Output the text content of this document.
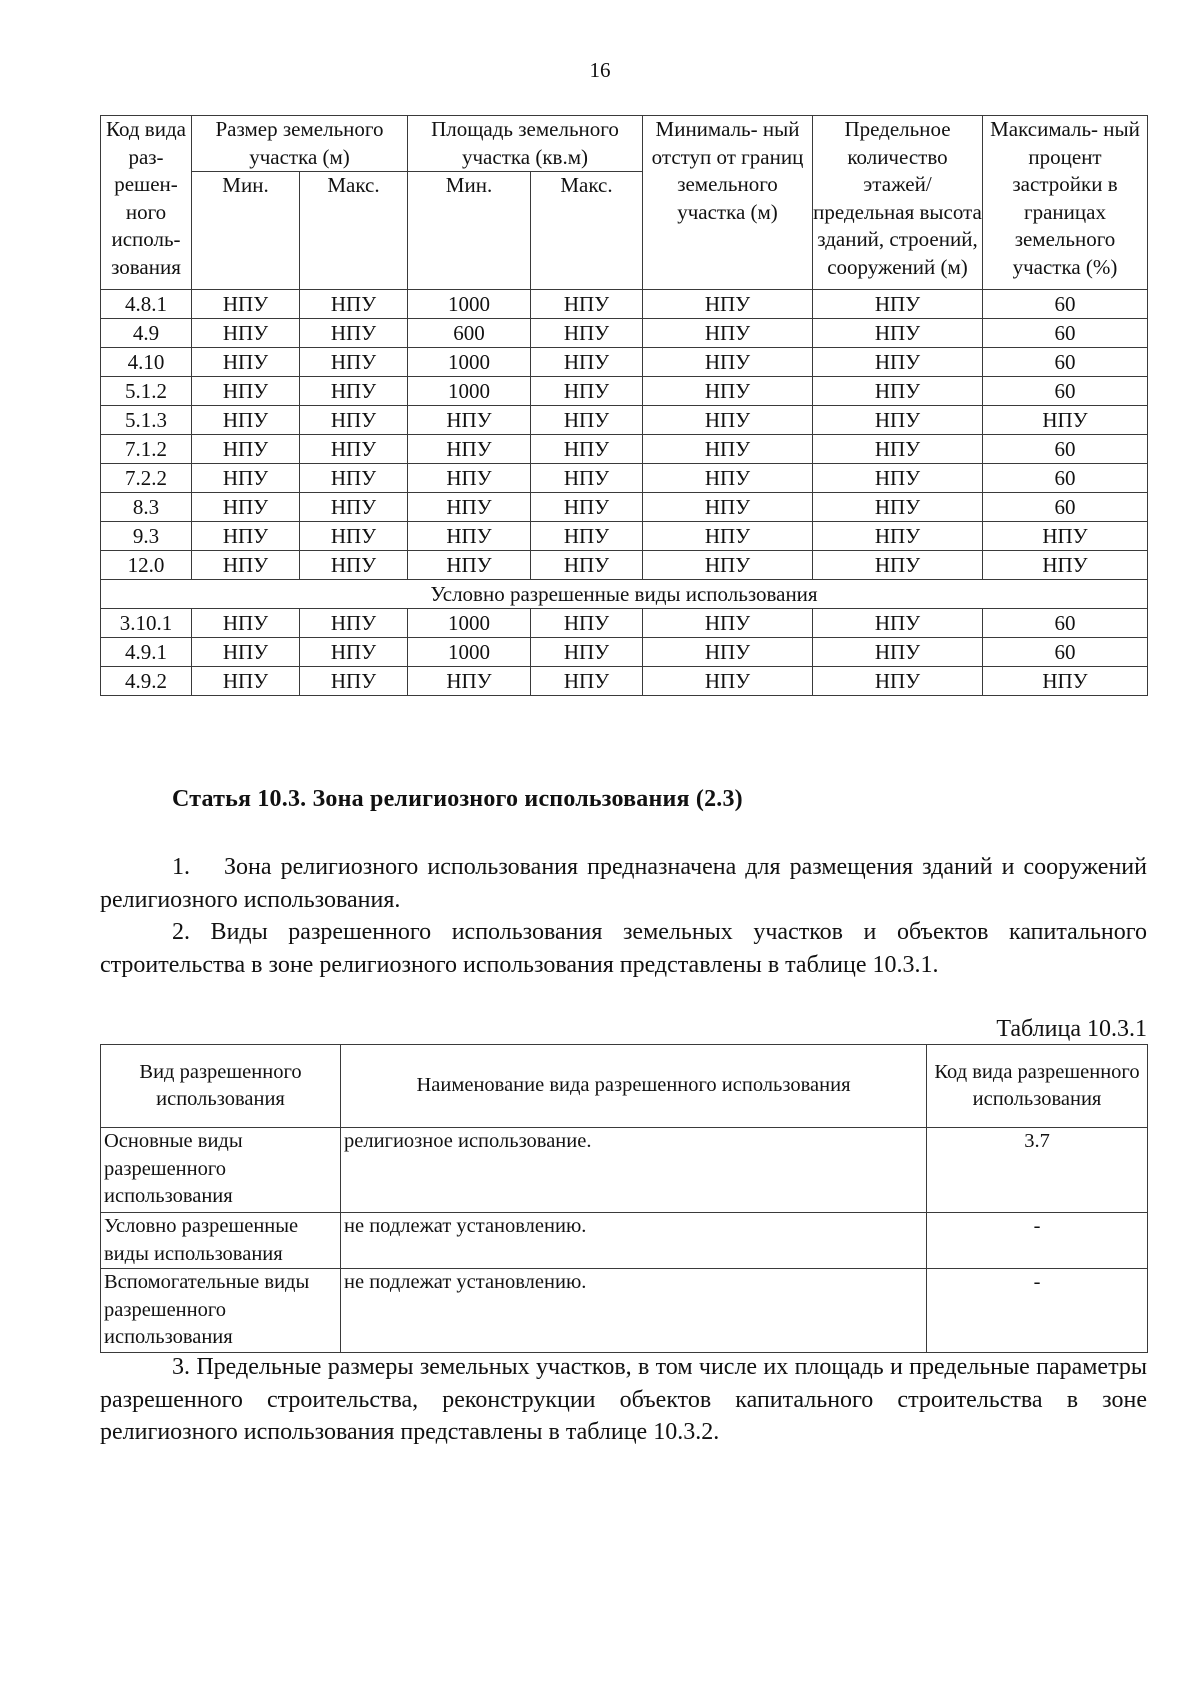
16
Код вида раз- решен- ного исполь- зования	Размер земельного участка (м)		Площадь земельного участка (кв.м)		Минималь- ный отступ от границ земельного участка (м)	Предельное количество этажей/ предельная высота зданий, строений, сооружений (м)	Максималь- ный процент застройки в границах земельного участка (%)
	Мин.	Макс.	Мин.	Макс.			
4.8.1	НПУ	НПУ	1000	НПУ	НПУ	НПУ	60
4.9	НПУ	НПУ	600	НПУ	НПУ	НПУ	60
4.10	НПУ	НПУ	1000	НПУ	НПУ	НПУ	60
5.1.2	НПУ	НПУ	1000	НПУ	НПУ	НПУ	60
5.1.3	НПУ	НПУ	НПУ	НПУ	НПУ	НПУ	НПУ
7.1.2	НПУ	НПУ	НПУ	НПУ	НПУ	НПУ	60
7.2.2	НПУ	НПУ	НПУ	НПУ	НПУ	НПУ	60
8.3	НПУ	НПУ	НПУ	НПУ	НПУ	НПУ	60
9.3	НПУ	НПУ	НПУ	НПУ	НПУ	НПУ	НПУ
12.0	НПУ	НПУ	НПУ	НПУ	НПУ	НПУ	НПУ
Условно разрешенные виды использования							
3.10.1	НПУ	НПУ	1000	НПУ	НПУ	НПУ	60
4.9.1	НПУ	НПУ	1000	НПУ	НПУ	НПУ	60
4.9.2	НПУ	НПУ	НПУ	НПУ	НПУ	НПУ	НПУ
Статья 10.3. Зона религиозного использования (2.3)
1. Зона религиозного использования предназначена для размещения зданий и сооружений религиозного использования.
2. Виды разрешенного использования земельных участков и объектов капитального строительства в зоне религиозного использования представлены в таблице 10.3.1.
Таблица 10.3.1
Вид разрешенного использования	Наименование вида разрешенного использования	Код вида разрешенного использования
Основные виды разрешенного использования	религиозное использование.	3.7
Условно разрешенные виды использования	не подлежат установлению.	-
Вспомогательные виды разрешенного использования	не подлежат установлению.	-
3. Предельные размеры земельных участков, в том числе их площадь и предельные параметры разрешенного строительства, реконструкции объектов капитального строительства в зоне религиозного использования представлены в таблице 10.3.2.
